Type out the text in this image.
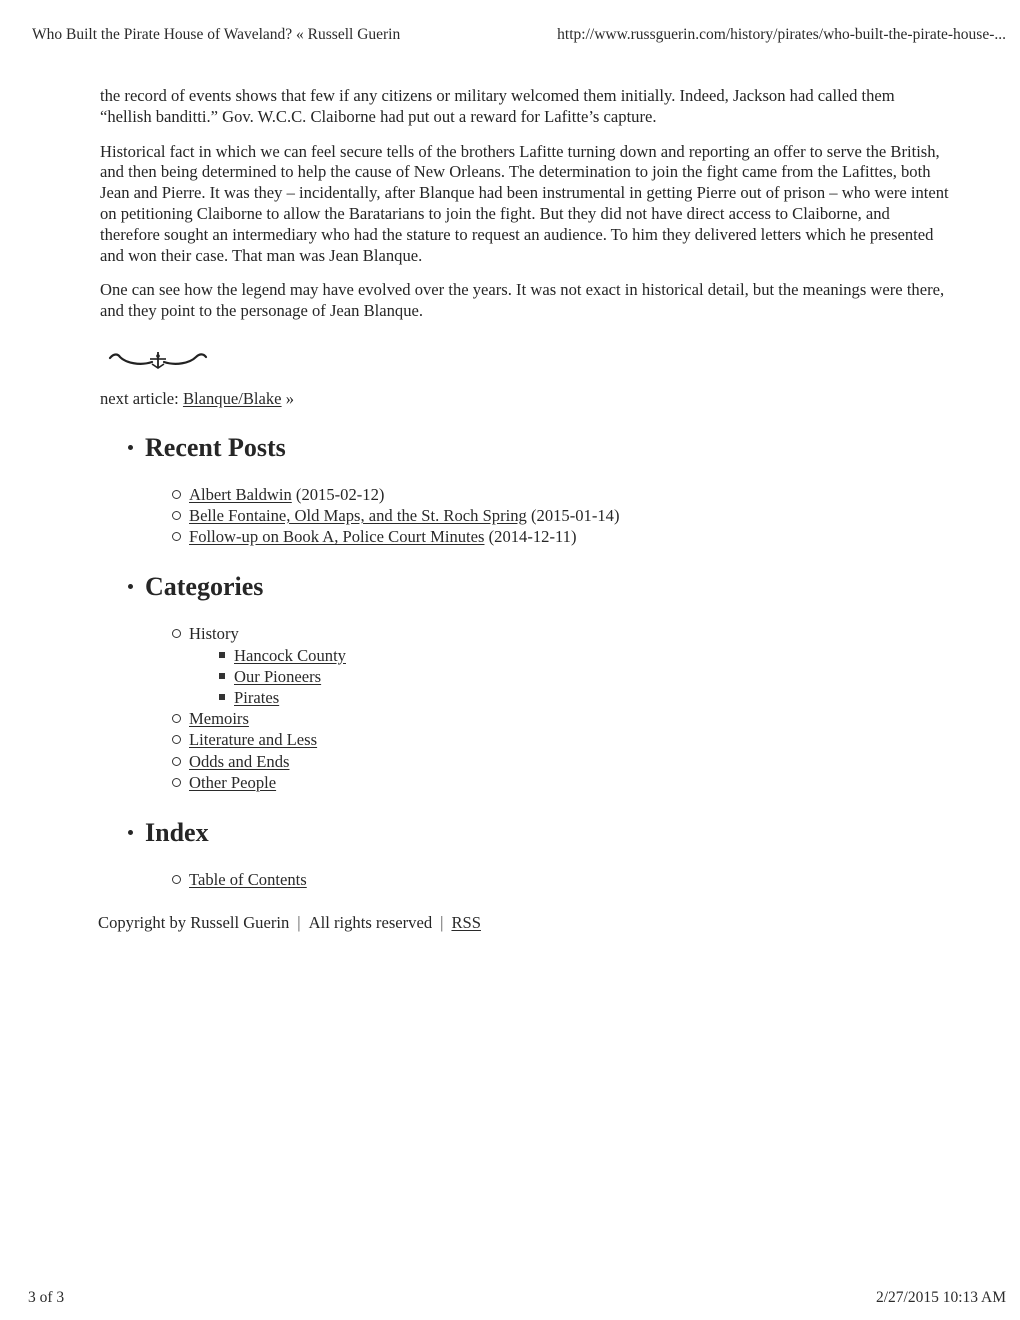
Who Built the Pirate House of Waveland? « Russell Guerin	http://www.russguerin.com/history/pirates/who-built-the-pirate-house-...

the record of events shows that few if any citizens or military welcomed them initially. Indeed, Jackson had called them “hellish banditti.” Gov. W.C.C. Claiborne had put out a reward for Lafitte’s capture.

Historical fact in which we can feel secure tells of the brothers Lafitte turning down and reporting an offer to serve the British, and then being determined to help the cause of New Orleans. The determination to join the fight came from the Lafittes, both Jean and Pierre. It was they – incidentally, after Blanque had been instrumental in getting Pierre out of prison – who were intent on petitioning Claiborne to allow the Baratarians to join the fight. But they did not have direct access to Claiborne, and therefore sought an intermediary who had the stature to request an audience. To him they delivered letters which he presented and won their case. That man was Jean Blanque.

One can see how the legend may have evolved over the years. It was not exact in historical detail, but the meanings were there, and they point to the personage of Jean Blanque.

next article: Blanque/Blake »

Recent Posts
Albert Baldwin (2015-02-12)
Belle Fontaine, Old Maps, and the St. Roch Spring (2015-01-14)
Follow-up on Book A, Police Court Minutes (2014-12-11)
Categories
History
Hancock County
Our Pioneers
Pirates
Memoirs
Literature and Less
Odds and Ends
Other People
Index
Table of Contents
Copyright by Russell Guerin | All rights reserved | RSS
3 of 3	2/27/2015 10:13 AM
